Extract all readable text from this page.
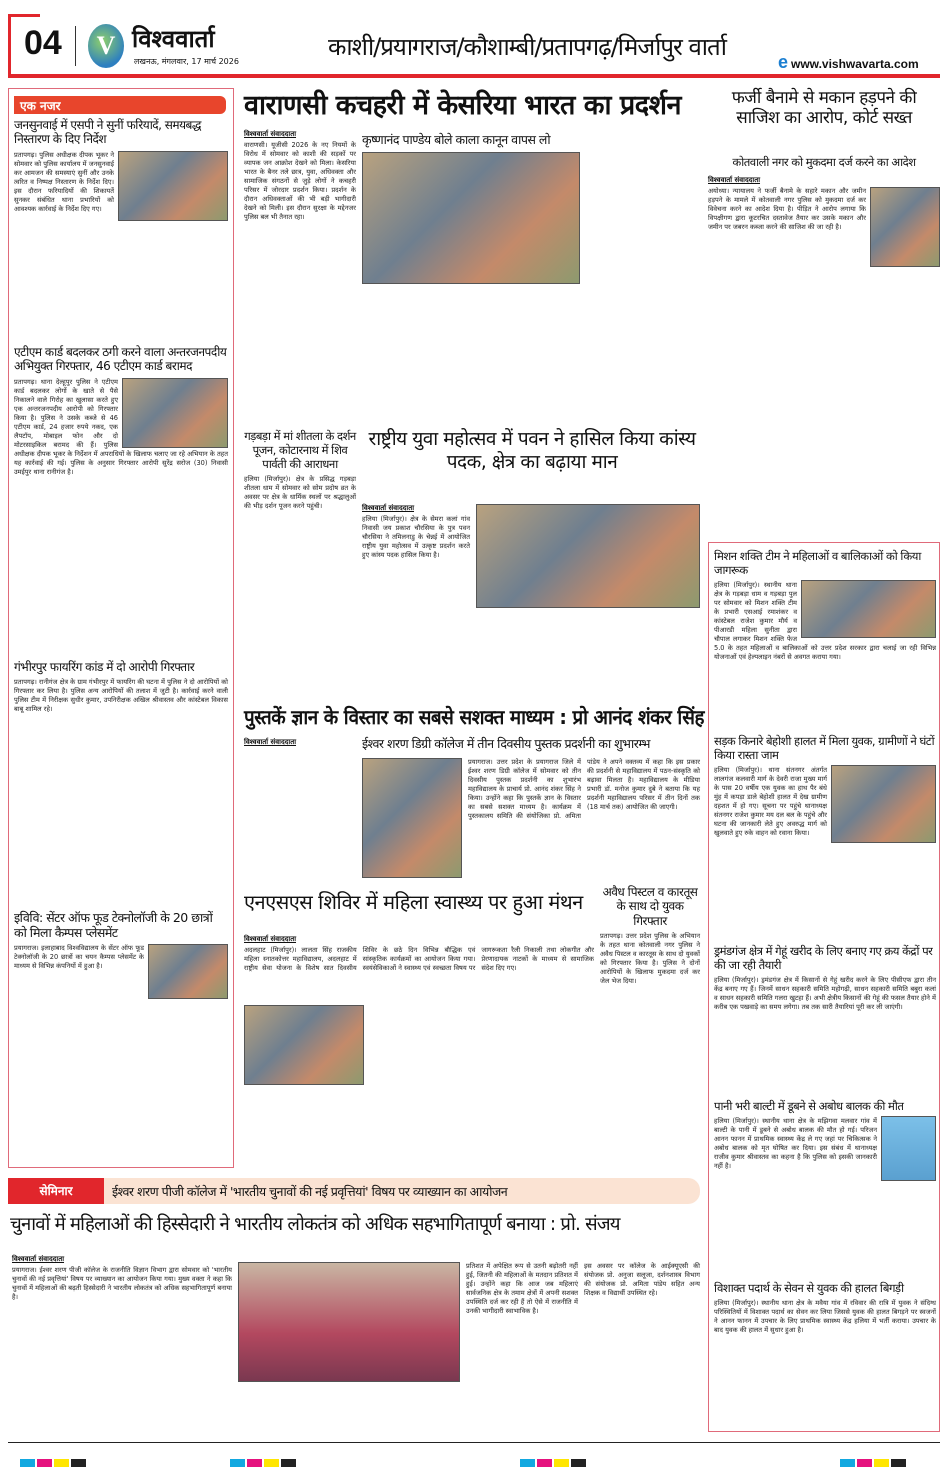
04	V विश्ववार्ता
लखनऊ, मंगलवार, 17 मार्च 2026
काशी/प्रयागराज/कौशाम्बी/प्रतापगढ़/मिर्जापुर वार्ता
ewww.vishwavarta.com
एक नजर
जनसुनवाई में एसपी ने सुनीं फरियादें, समयबद्ध निस्तारण के दिए निर्देश

प्रतापगढ़। पुलिस अधीक्षक दीपक भूकर ने सोमवार को पुलिस कार्यालय में जनसुनवाई कर आमजन की समस्याएं सुनीं और उनके त्वरित व निष्पक्ष निस्तारण के निर्देश दिए। इस दौरान फरियादियों की शिकायतें सुनकर संबंधित थाना प्रभारियों को आवश्यक कार्रवाई के निर्देश दिए गए।

एटीएम कार्ड बदलकर ठगी करने वाला अन्तरजनपदीय अभियुक्त गिरफ्तार, 46 एटीएम कार्ड बरामद

प्रतापगढ़। थाना देल्हूपुर पुलिस ने एटीएम कार्ड बदलकर लोगों के खाते से पैसे निकालने वाले गिरोह का खुलासा करते हुए एक अन्तरजनपदीय आरोपी को गिरफ्तार किया है। पुलिस ने उसके कब्जे से 46 एटीएम कार्ड, 24 हजार रुपये नकद, एक लैपटॉप, मोबाइल फोन और दो मोटरसाइकिल बरामद की हैं। पुलिस अधीक्षक दीपक भूकर के निर्देशन में अपराधियों के खिलाफ चलाए जा रहे अभियान के तहत यह कार्रवाई की गई। पुलिस के अनुसार गिरफ्तार आरोपी सुरेंद्र सरोज (30) निवासी उमईपुर थाना रानीगंज है।

गंभीरपुर फायरिंग कांड में दो आरोपी गिरफ्तार

प्रतापगढ़। रानीगंज क्षेत्र के ग्राम गंभीरपुर में फायरिंग की घटना में पुलिस ने दो आरोपियों को गिरफ्तार कर लिया है। पुलिस अन्य आरोपियों की तलाश में जुटी है। कार्रवाई करने वाली पुलिस टीम में निरीक्षक सुधीर कुमार, उपनिरीक्षक अखिल श्रीवास्तव और कांस्टेबल विकास बाबू शामिल रहे।

इविवि: सेंटर ऑफ फूड टेक्नोलॉजी के 20 छात्रों को मिला कैम्पस प्लेसमेंट

प्रयागराज। इलाहाबाद विश्वविद्यालय के सेंटर ऑफ फूड टेक्नोलॉजी के 20 छात्रों का चयन कैम्पस प्लेसमेंट के माध्यम से विभिन्न कंपनियों में हुआ है।

वाराणसी कचहरी में केसरिया भारत का प्रदर्शन
विश्ववार्ता संवाददाता

वाराणसी। यूजीसी 2026 के नए नियमों के विरोध में सोमवार को काशी की सड़कों पर व्यापक जन आक्रोश देखने को मिला। केसरिया भारत के बैनर तले छात्र, युवा, अधिवक्ता और सामाजिक संगठनों से जुड़े लोगों ने कचहरी परिसर में जोरदार प्रदर्शन किया। प्रदर्शन के दौरान अधिवक्ताओं की भी बड़ी भागीदारी देखने को मिली। इस दौरान सुरक्षा के मद्देनजर पुलिस बल भी तैनात रहा।

कृष्णानंद पाण्डेय बोले काला कानून वापस लो
गड़बड़ा में मां शीतला के दर्शन पूजन, कोटारनाथ में शिव पार्वती की आराधना

हलिया (मिर्जापुर)। क्षेत्र के प्रसिद्ध गड़बड़ा शीतला धाम में सोमवार को सोम प्रदोष व्रत के अवसर पर क्षेत्र के धार्मिक स्थलों पर श्रद्धालुओं की भीड़ दर्शन पूजन करने पहुंची।

राष्ट्रीय युवा महोत्सव में पवन ने हासिल किया कांस्य पदक, क्षेत्र का बढ़ाया मान
विश्ववार्ता संवाददाता

हलिया (मिर्जापुर)। क्षेत्र के सेमरा कलां गांव निवासी जय प्रकाश चौरसिया के पुत्र पवन चौरसिया ने तमिलनाडु के चेन्नई में आयोजित राष्ट्रीय युवा महोत्सव में उत्कृष्ट प्रदर्शन करते हुए कांस्य पदक हासिल किया है।

पुस्तकें ज्ञान के विस्तार का सबसे सशक्त माध्यम : प्रो आनंद शंकर सिंह
ईश्वर शरण डिग्री कॉलेज में तीन दिवसीय पुस्तक प्रदर्शनी का शुभारम्भ
विश्ववार्ता संवाददाता

प्रयागराज। उत्तर प्रदेश के प्रयागराज जिले में ईश्वर शरण डिग्री कॉलेज में सोमवार को तीन दिवसीय पुस्तक प्रदर्शनी का शुभारंभ महाविद्यालय के प्राचार्य प्रो. आनंद शंकर सिंह ने किया। उन्होंने कहा कि पुस्तकें ज्ञान के विस्तार का सबसे सशक्त माध्यम है। कार्यक्रम में पुस्तकालय समिति की संयोजिका प्रो. अमिता पांडेय ने अपने वक्तव्य में कहा कि इस प्रकार की प्रदर्शनी से महाविद्यालय में पठन-संस्कृति को बढ़ावा मिलता है। महाविद्यालय के मीडिया प्रभारी डॉ. मनोज कुमार दुबे ने बताया कि यह प्रदर्शनी महाविद्यालय परिसर में तीन दिनों तक (18 मार्च तक) आयोजित की जाएगी।

एनएसएस शिविर में महिला स्वास्थ्य पर हुआ मंथन
विश्ववार्ता संवाददाता

अदलहाट (मिर्जापुर)। लालता सिंह राजकीय महिला स्नातकोत्तर महाविद्यालय, अदलहाट में राष्ट्रीय सेवा योजना के विशेष सात दिवसीय शिविर के छठे दिन विभिन्न बौद्धिक एवं सांस्कृतिक कार्यक्रमों का आयोजन किया गया। स्वयंसेविकाओं ने स्वास्थ्य एवं स्वच्छता विषय पर जागरूकता रैली निकाली तथा लोकगीत और प्रेरणादायक नाटकों के माध्यम से सामाजिक संदेश दिए गए।

अवैध पिस्टल व कारतूस के साथ दो युवक गिरफ्तार

प्रतापगढ़। उत्तर प्रदेश पुलिस के अभियान के तहत थाना कोतवाली नगर पुलिस ने अवैध पिस्टल व कारतूस के साथ दो युवकों को गिरफ्तार किया है। पुलिस ने दोनों आरोपियों के खिलाफ मुकदमा दर्ज कर जेल भेज दिया।

फर्जी बैनामे से मकान हड़पने की साजिश का आरोप, कोर्ट सख्त
कोतवाली नगर को मुकदमा दर्ज करने का आदेश
विश्ववार्ता संवाददाता

अयोध्या। न्यायालय ने फर्जी बैनामे के सहारे मकान और जमीन हड़पने के मामले में कोतवाली नगर पुलिस को मुकदमा दर्ज कर विवेचना करने का आदेश दिया है। पीड़ित ने आरोप लगाया कि विपक्षीगण द्वारा कूटरचित दस्तावेज तैयार कर उसके मकान और जमीन पर जबरन कब्जा करने की साजिश की जा रही है।

मिशन शक्ति टीम ने महिलाओं व बालिकाओं को किया जागरूक

हलिया (मिर्जापुर)। स्थानीय थाना क्षेत्र के गड़बड़ा धाम व गड़बड़ा पुल पर सोमवार को मिशन शक्ति टीम के प्रभारी एसआई रमाशंकर व कांस्टेबल राजेश कुमार मौर्य व पीआरडी महिला सुनीता द्वारा चौपाल लगाकर मिशन शक्ति फेज 5.0 के तहत महिलाओं व बालिकाओं को उत्तर प्रदेश सरकार द्वारा चलाई जा रही विभिन्न योजनाओं एवं हेल्पलाइन नंबरों से अवगत कराया गया।

सड़क किनारे बेहोशी हालत में मिला युवक, ग्रामीणों ने घंटों किया रास्ता जाम

हलिया (मिर्जापुर)। थाना संतनगर अंतर्गत लालगंज कलवारी मार्ग के देवरी राजा मुख्य मार्ग के पास 20 वर्षीय एक युवक का हाथ पैर बंधे मुंह में कपड़ा डाले बेहोशी हालत में देख ग्रामीण दहशत में हो गए। सूचना पर पहुंचे थानाध्यक्ष संतनगर राजेश कुमार मय दल बल के पहुंचे और घटना की जानकारी लेते हुए अवरुद्ध मार्ग को खुलवाते हुए रुके वाहन को रवाना किया।

ड्रमंडगंज क्षेत्र में गेहूं खरीद के लिए बनाए गए क्रय केंद्रों पर की जा रही तैयारी

हलिया (मिर्जापुर)। ड्रमंडगंज क्षेत्र में किसानों से गेहूं खरीद करने के लिए पीसीएफ द्वारा तीन केंद्र बनाए गए हैं। जिनमें साधन सहकारी समिति महोगढ़ी, साधन सहकारी समिति बबुरा कलां व साधन सहकारी समिति गलरा खुटहा हैं। अभी क्षेत्रीय किसानों की गेहूं की फसल तैयार होने में करीब एक पखवाड़े का समय लगेगा। तब तक सारी तैयारियां पूरी कर ली जाएंगी।

पानी भरी बाल्टी में डूबने से अबोध बालक की मौत

हलिया (मिर्जापुर)। स्थानीय थाना क्षेत्र के मझिगवा मलवार गांव में बाल्टी के पानी में डूबने से अबोध बालक की मौत हो गई। परिजन आनन फानन में प्राथमिक स्वास्थ्य केंद्र ले गए जहां पर चिकित्सक ने अबोध बालक को मृत घोषित कर दिया। इस संबंध में थानाध्यक्ष राजीव कुमार श्रीवास्तव का कहना है कि पुलिस को इसकी जानकारी नहीं है।

विशाक्त पदार्थ के सेवन से युवक की हालत बिगड़ी

हलिया (मिर्जापुर)। स्थानीय थाना क्षेत्र के मवैया गांव में रविवार की रात्रि में युवक ने संदिग्ध परिस्थितियों में विशाक्त पदार्थ का सेवन कर लिया जिससे युवक की हालत बिगड़ने पर स्वजनों ने आनन फानन में उपचार के लिए प्राथमिक स्वास्थ्य केंद्र हलिया में भर्ती कराया। उपचार के बाद युवक की हालत में सुधार हुआ है।

सेमिनार	ईश्वर शरण पीजी कॉलेज में 'भारतीय चुनावों की नई प्रवृत्तियां' विषय पर व्याख्यान का आयोजन
चुनावों में महिलाओं की हिस्सेदारी ने भारतीय लोकतंत्र को अधिक सहभागितापूर्ण बनाया : प्रो. संजय
विश्ववार्ता संवाददाता

प्रयागराज। ईश्वर शरण पीजी कॉलेज के राजनीति विज्ञान विभाग द्वारा सोमवार को 'भारतीय चुनावों की नई प्रवृत्तियां' विषय पर व्याख्यान का आयोजन किया गया। मुख्य वक्ता ने कहा कि चुनावों में महिलाओं की बढ़ती हिस्सेदारी ने भारतीय लोकतंत्र को अधिक सहभागितापूर्ण बनाया है।

प्रतिशत में अपेक्षित रूप से उतनी बढ़ोतरी नहीं हुई, जितनी की महिलाओं के मतदान प्रतिशत में हुई। उन्होंने कहा कि आज जब महिलाएं सार्वजनिक क्षेत्र के तमाम क्षेत्रों में अपनी सशक्त उपस्थिति दर्ज कर रही हैं तो ऐसे में राजनीति में उनकी भागीदारी स्वाभाविक है।

इस अवसर पर कॉलेज के आईक्यूएसी की संयोजक प्रो. अनुजा सलूजा, दर्शनशास्त्र विभाग की संयोजक प्रो. अमिता पांडेय सहित अन्य शिक्षक व विद्यार्थी उपस्थित रहे।
